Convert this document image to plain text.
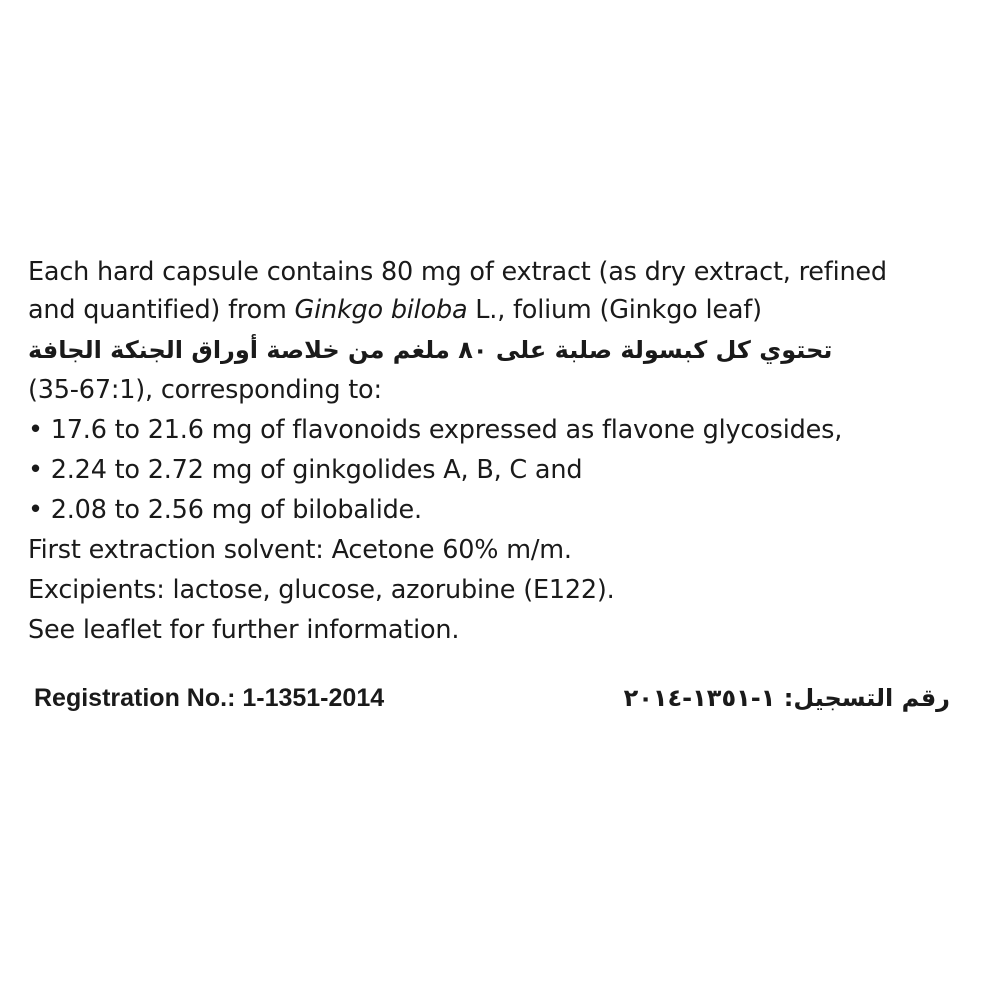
Each hard capsule contains 80 mg of extract (as dry extract, refined
and quantified) from Ginkgo biloba L., folium (Ginkgo leaf)
تحتوي كل كبسولة صلبة على ٨٠ ملغم من خلاصة أوراق الجنكة الجافة
(35-67:1), corresponding to:
• 17.6 to 21.6 mg of flavonoids expressed as flavone glycosides,
• 2.24 to 2.72 mg of ginkgolides A, B, C and
• 2.08 to 2.56 mg of bilobalide.
First extraction solvent: Acetone 60% m/m.
Excipients: lactose, glucose, azorubine (E122).
See leaflet for further information.
Registration No.: 1-1351-2014	رقم التسجيل: ١-١٣٥١-٢٠١٤
